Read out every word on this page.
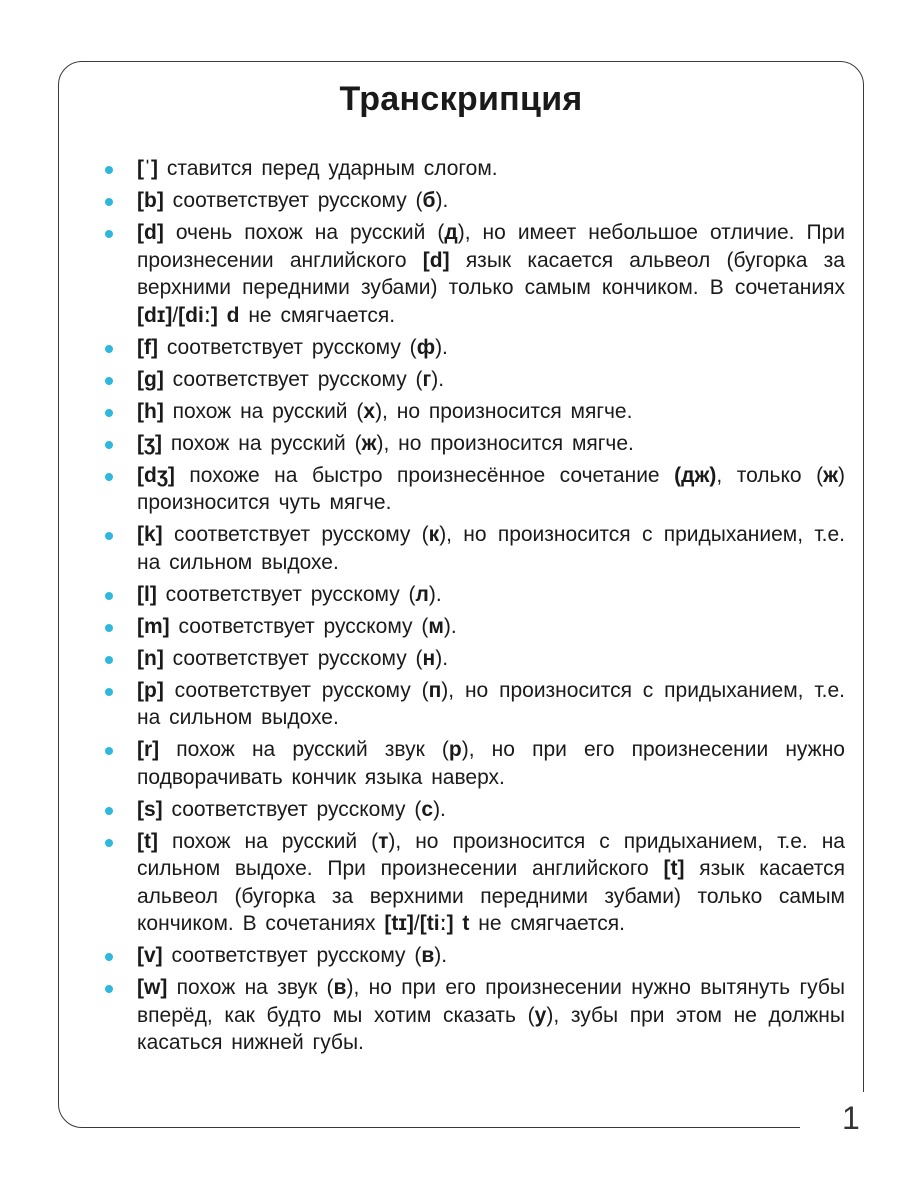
Транскрипция
[ˈ] ставится перед ударным слогом.
[b] соответствует русскому (б).
[d] очень похож на русский (д), но имеет небольшое отличие. При произнесении английского [d] язык касается альвеол (бугорка за верхними передними зубами) только самым кончиком. В сочетаниях [dɪ]/[diː] d не смягчается.
[f] соответствует русскому (ф).
[g] соответствует русскому (г).
[h] похож на русский (х), но произносится мягче.
[ʒ] похож на русский (ж), но произносится мягче.
[dʒ] похоже на быстро произнесённое сочетание (дж), только (ж) произносится чуть мягче.
[k] соответствует русскому (к), но произносится с придыханием, т.е. на сильном выдохе.
[l] соответствует русскому (л).
[m] соответствует русскому (м).
[n] соответствует русскому (н).
[p] соответствует русскому (п), но произносится с придыханием, т.е. на сильном выдохе.
[r] похож на русский звук (р), но при его произнесении нужно подворачивать кончик языка наверх.
[s] соответствует русскому (с).
[t] похож на русский (т), но произносится с придыханием, т.е. на сильном выдохе. При произнесении английского [t] язык касается альвеол (бугорка за верхними передними зубами) только самым кончиком. В сочетаниях [tɪ]/[tiː] t не смягчается.
[v] соответствует русскому (в).
[w] похож на звук (в), но при его произнесении нужно вытянуть губы вперёд, как будто мы хотим сказать (у), зубы при этом не должны касаться нижней губы.
1
